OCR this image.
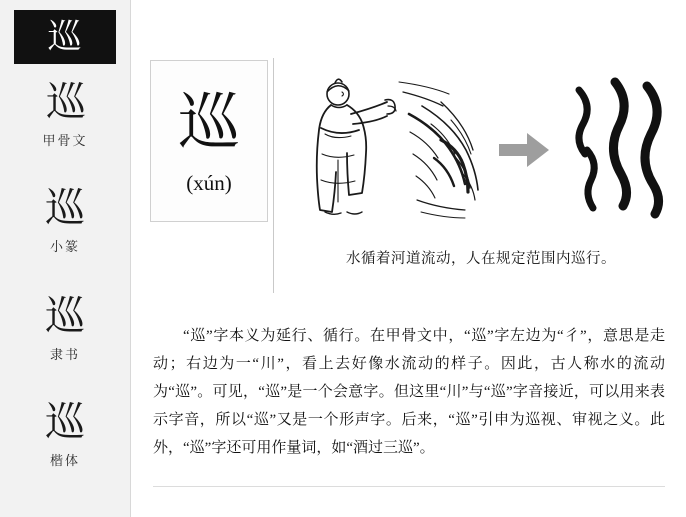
巡
巡
甲骨文
巡
小篆
巡
隶书
巡
楷体
巡
(xún)
水循着河道流动，人在规定范围内巡行。
“巡”字本义为延行、循行。在甲骨文中，“巡”字左边为“彳”，意思是走动；右边为一“川”，看上去好像水流动的样子。因此，古人称水的流动为“巡”。可见，“巡”是一个会意字。但这里“川”与“巡”字音接近，可以用来表示字音，所以“巡”又是一个形声字。后来，“巡”引申为巡视、审视之义。此外，“巡”字还可用作量词，如“酒过三巡”。
